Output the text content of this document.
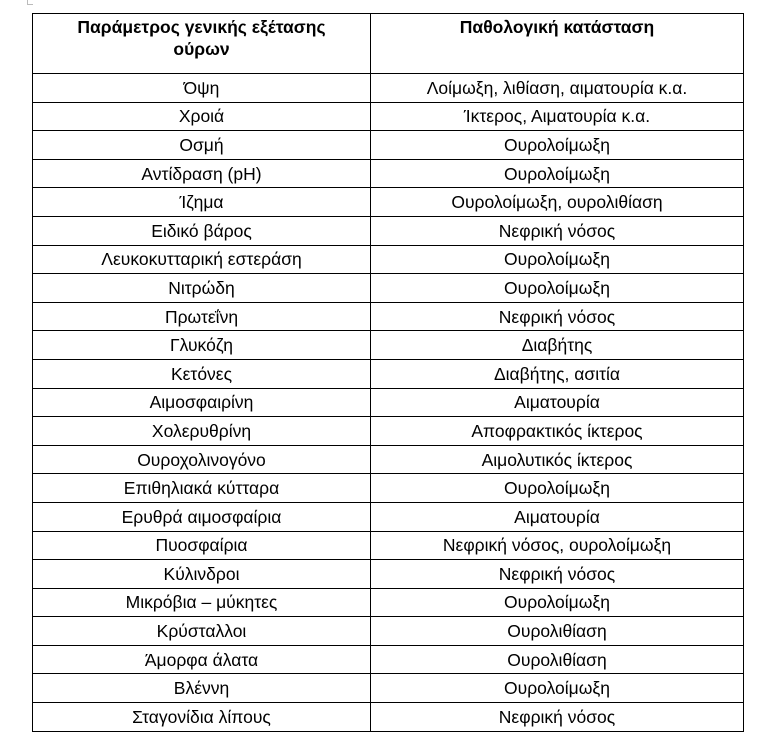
Παράμετρος γενικής εξέτασης ούρων	Παθολογική κατάσταση
Όψη	Λοίμωξη, λιθίαση, αιματουρία κ.α.
Χροιά	Ίκτερος, Αιματουρία κ.α.
Οσμή	Ουρολοίμωξη
Αντίδραση (pH)	Ουρολοίμωξη
Ίζημα	Ουρολοίμωξη, ουρολιθίαση
Ειδικό βάρος	Νεφρική νόσος
Λευκοκυτταρική εστεράση	Ουρολοίμωξη
Νιτρώδη	Ουρολοίμωξη
Πρωτεΐνη	Νεφρική νόσος
Γλυκόζη	Διαβήτης
Κετόνες	Διαβήτης, ασιτία
Αιμοσφαιρίνη	Αιματουρία
Χολερυθρίνη	Αποφρακτικός ίκτερος
Ουροχολινογόνο	Αιμολυτικός ίκτερος
Επιθηλιακά κύτταρα	Ουρολοίμωξη
Ερυθρά αιμοσφαίρια	Αιματουρία
Πυοσφαίρια	Νεφρική νόσος, ουρολοίμωξη
Κύλινδροι	Νεφρική νόσος
Μικρόβια – μύκητες	Ουρολοίμωξη
Κρύσταλλοι	Ουρολιθίαση
Άμορφα άλατα	Ουρολιθίαση
Βλέννη	Ουρολοίμωξη
Σταγονίδια λίπους	Νεφρική νόσος
